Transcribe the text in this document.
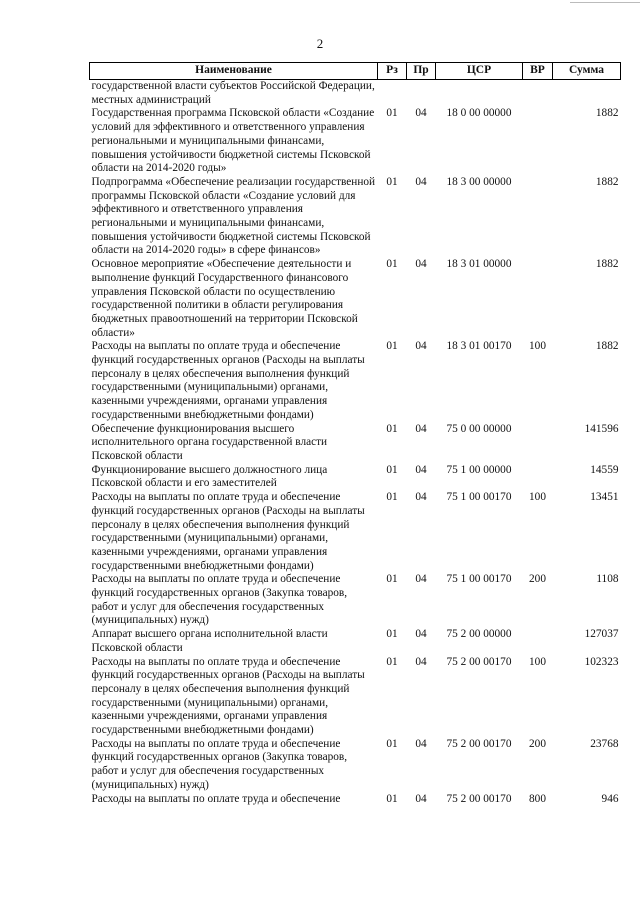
2
Наименование	Рз	Пр	ЦСР	ВР	Сумма
государственной власти субъектов Российской Федерации, местных администраций					
Государственная программа Псковской области «Создание условий для эффективного и ответственного управления региональными и муниципальными финансами, повышения устойчивости бюджетной системы Псковской области на 2014-2020 годы»	01	04	18 0 00 00000		1882
Подпрограмма «Обеспечение реализации государственной программы Псковской области «Создание условий для эффективного и ответственного управления региональными и муниципальными финансами, повышения устойчивости бюджетной системы Псковской области на 2014-2020 годы» в сфере финансов»	01	04	18 3 00 00000		1882
Основное мероприятие «Обеспечение деятельности и выполнение функций Государственного финансового управления Псковской области по осуществлению государственной политики в области регулирования бюджетных правоотношений на территории Псковской области»	01	04	18 3 01 00000		1882
Расходы на выплаты по оплате труда и обеспечение функций государственных органов (Расходы на выплаты персоналу в целях обеспечения выполнения функций государственными (муниципальными) органами, казенными учреждениями, органами управления государственными внебюджетными фондами)	01	04	18 3 01 00170	100	1882
Обеспечение функционирования высшего исполнительного органа государственной власти Псковской области	01	04	75 0 00 00000		141596
Функционирование высшего должностного лица Псковской области и его заместителей	01	04	75 1 00 00000		14559
Расходы на выплаты по оплате труда и обеспечение функций государственных органов (Расходы на выплаты персоналу в целях обеспечения выполнения функций государственными (муниципальными) органами, казенными учреждениями, органами управления государственными внебюджетными фондами)	01	04	75 1 00 00170	100	13451
Расходы на выплаты по оплате труда и обеспечение функций государственных органов (Закупка товаров, работ и услуг для обеспечения государственных (муниципальных) нужд)	01	04	75 1 00 00170	200	1108
Аппарат высшего органа исполнительной власти Псковской области	01	04	75 2 00 00000		127037
Расходы на выплаты по оплате труда и обеспечение функций государственных органов (Расходы на выплаты персоналу в целях обеспечения выполнения функций государственными (муниципальными) органами, казенными учреждениями, органами управления государственными внебюджетными фондами)	01	04	75 2 00 00170	100	102323
Расходы на выплаты по оплате труда и обеспечение функций государственных органов (Закупка товаров, работ и услуг для обеспечения государственных (муниципальных) нужд)	01	04	75 2 00 00170	200	23768
Расходы на выплаты по оплате труда и обеспечение	01	04	75 2 00 00170	800	946
